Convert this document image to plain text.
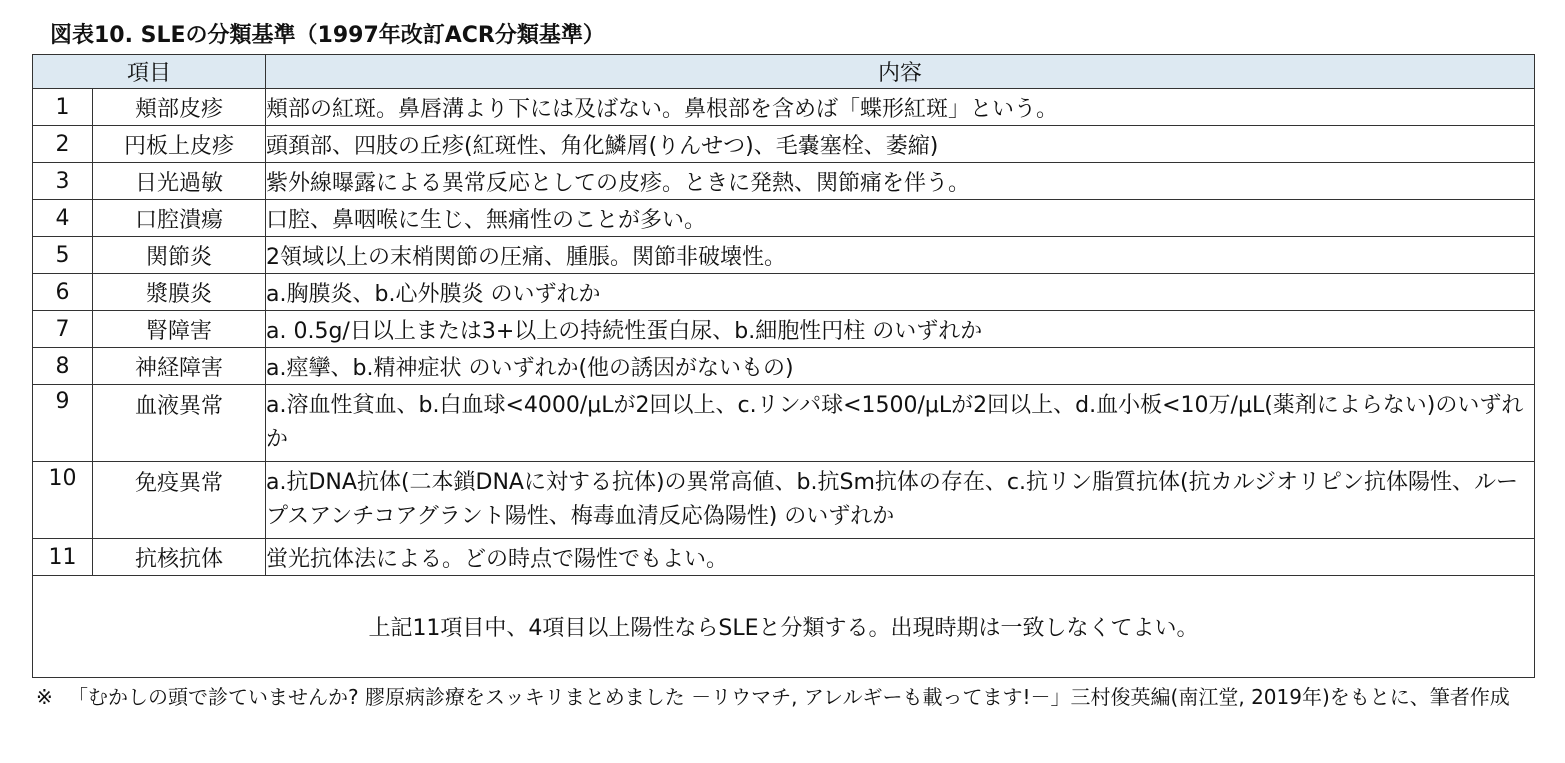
図表10. SLEの分類基準（1997年改訂ACR分類基準）
項目		内容
1	頬部皮疹	頬部の紅斑。鼻唇溝より下には及ばない。鼻根部を含めば「蝶形紅斑」という。
2	円板上皮疹	頭頚部、四肢の丘疹(紅斑性、角化鱗屑(りんせつ)、毛嚢塞栓、萎縮)
3	日光過敏	紫外線曝露による異常反応としての皮疹。ときに発熱、関節痛を伴う。
4	口腔潰瘍	口腔、鼻咽喉に生じ、無痛性のことが多い。
5	関節炎	2領域以上の末梢関節の圧痛、腫脹。関節非破壊性。
6	漿膜炎	a.胸膜炎、b.心外膜炎 のいずれか
7	腎障害	a. 0.5g/日以上または3+以上の持続性蛋白尿、b.細胞性円柱 のいずれか
8	神経障害	a.痙攣、b.精神症状 のいずれか(他の誘因がないもの)
9	血液異常	a.溶血性貧血、b.白血球<4000/μLが2回以上、c.リンパ球<1500/μLが2回以上、d.血小板<10万/μL(薬剤によらない)のいずれか
10	免疫異常	a.抗DNA抗体(二本鎖DNAに対する抗体)の異常高値、b.抗Sm抗体の存在、c.抗リン脂質抗体(抗カルジオリピン抗体陽性、ループスアンチコアグラント陽性、梅毒血清反応偽陽性) のいずれか
11	抗核抗体	蛍光抗体法による。どの時点で陽性でもよい。
上記11項目中、4項目以上陽性ならSLEと分類する。出現時期は一致しなくてよい。		
※ 「むかしの頭で診ていませんか? 膠原病診療をスッキリまとめました －リウマチ, アレルギーも載ってます!－」三村俊英編(南江堂, 2019年)をもとに、筆者作成
